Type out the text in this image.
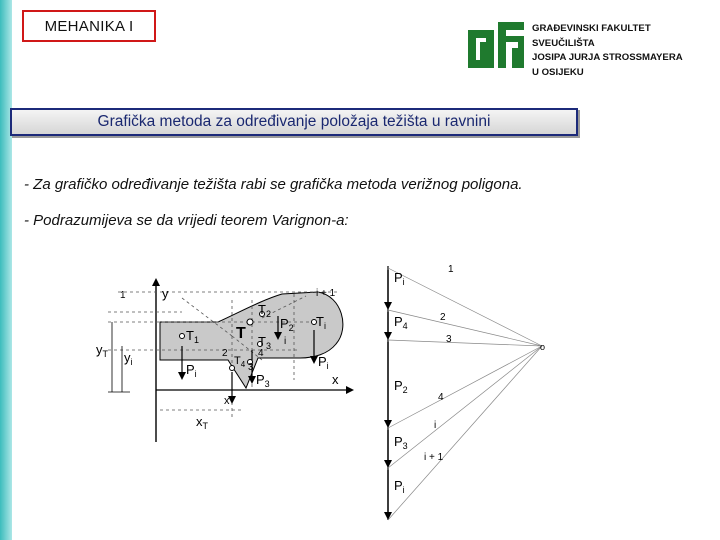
MEHANIKA I	GRAĐEVINSKI FAKULTET
SVEUČILIŠTA
JOSIPA JURJA STROSSMAYERA
U OSIJEKU
Grafička metoda za određivanje položaja težišta u ravnini
- Za grafičko određivanje težišta rabi se grafička metoda verižnog poligona.
- Podrazumijeva se da vrijedi teorem Varignon-a:
1	y	i + 1
$T_2$
$P_2$ $T_i$
T
$T_1$	$T_3$
2	4
3
$T_4$
i
$y_T$ $y_i$	$P_i$	$P_3$
$P_i$
x
x
$x_T$
$P_i$
$P_4$
$P_2$
$P_3$
$P_i$
1
2
3
4
i
i + 1
o
